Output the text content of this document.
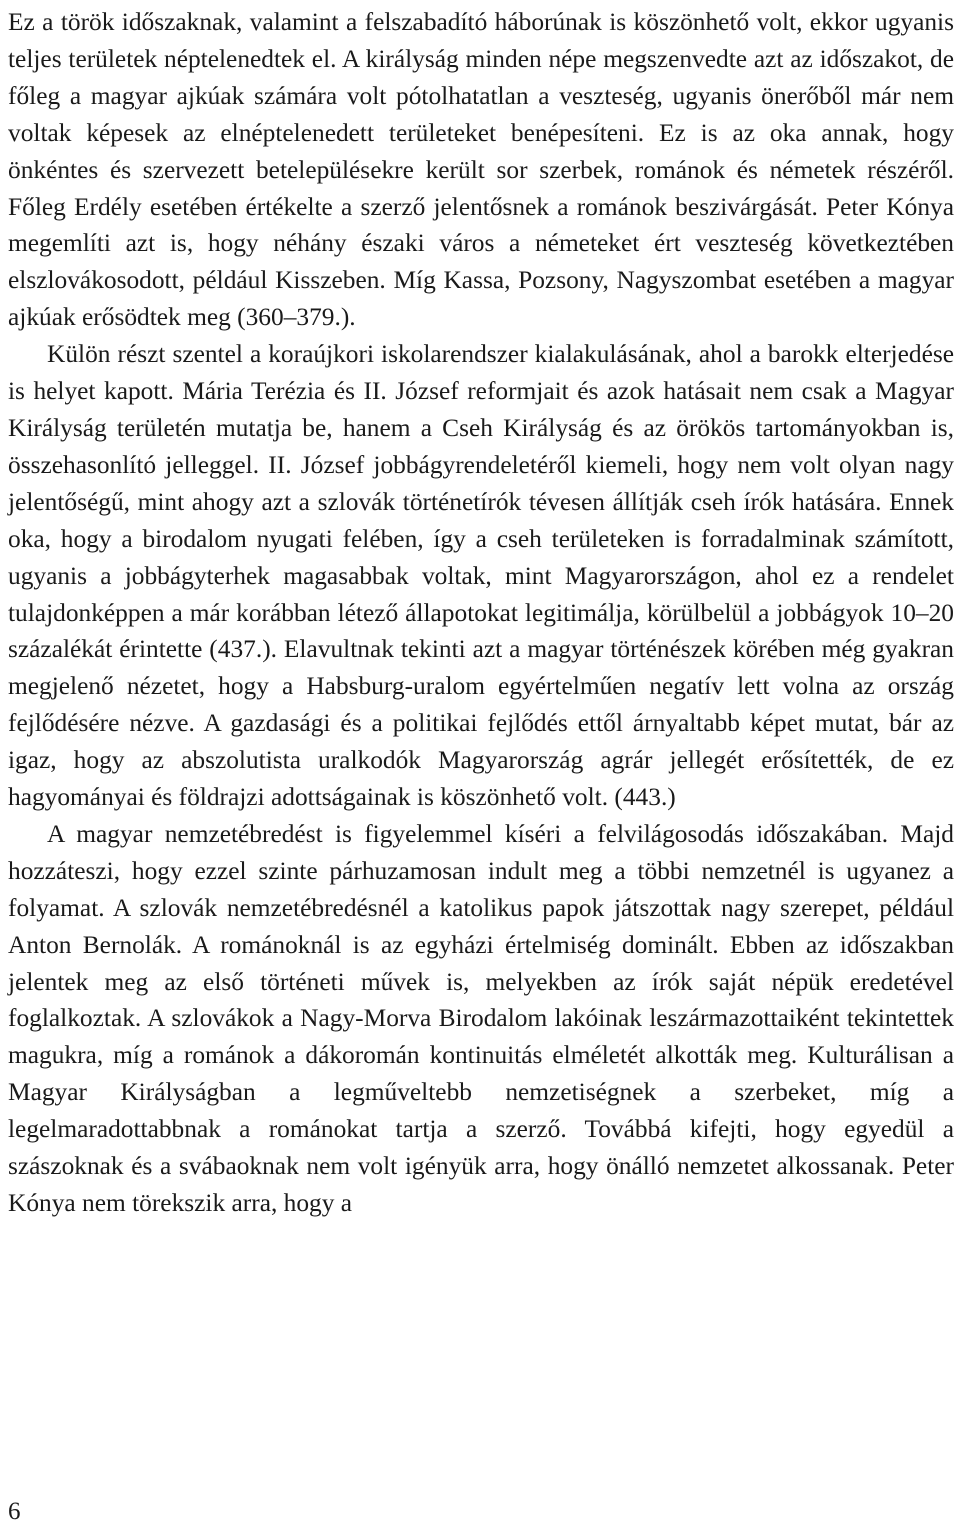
Ez a török időszaknak, valamint a felszabadító háborúnak is köszönhető volt, ekkor ugyanis teljes területek néptelenedtek el. A királyság minden népe megszenvedte azt az időszakot, de főleg a magyar ajkúak számára volt pótolhatatlan a veszteség, ugyanis önerőből már nem voltak képesek az elnéptelenedett területeket benépesíteni. Ez is az oka annak, hogy önkéntes és szervezett betelepülésekre került sor szerbek, románok és németek részéről. Főleg Erdély esetében értékelte a szerző jelentősnek a románok beszivárgását. Peter Kónya megemlíti azt is, hogy néhány északi város a németeket ért veszteség következtében elszlovákosodott, például Kisszeben. Míg Kassa, Pozsony, Nagyszombat esetében a magyar ajkúak erősödtek meg (360–379.).

Külön részt szentel a koraújkori iskolarendszer kialakulásának, ahol a barokk elterjedése is helyet kapott. Mária Terézia és II. József reformjait és azok hatásait nem csak a Magyar Királyság területén mutatja be, hanem a Cseh Királyság és az örökös tartományokban is, összehasonlító jelleggel. II. József jobbágyrendeletéről kiemeli, hogy nem volt olyan nagy jelentőségű, mint ahogy azt a szlovák történetírók tévesen állítják cseh írók hatására. Ennek oka, hogy a birodalom nyugati felében, így a cseh területeken is forradalminak számított, ugyanis a jobbágyterhek magasabbak voltak, mint Magyarországon, ahol ez a rendelet tulajdonképpen a már korábban létező állapotokat legitimálja, körülbelül a jobbágyok 10–20 százalékát érintette (437.). Elavultnak tekinti azt a magyar történészek körében még gyakran megjelenő nézetet, hogy a Habsburg-uralom egyértelműen negatív lett volna az ország fejlődésére nézve. A gazdasági és a politikai fejlődés ettől árnyaltabb képet mutat, bár az igaz, hogy az abszolutista uralkodók Magyarország agrár jellegét erősítették, de ez hagyományai és földrajzi adottságainak is köszönhető volt. (443.)

A magyar nemzetébredést is figyelemmel kíséri a felvilágosodás időszakában. Majd hozzáteszi, hogy ezzel szinte párhuzamosan indult meg a többi nemzetnél is ugyanez a folyamat. A szlovák nemzetébredésnél a katolikus papok játszottak nagy szerepet, például Anton Bernolák. A románoknál is az egyházi értelmiség dominált. Ebben az időszakban jelentek meg az első történeti művek is, melyekben az írók saját népük eredetével foglalkoztak. A szlovákok a Nagy-Morva Birodalom lakóinak leszármazottaiként tekintettek magukra, míg a románok a dákoromán kontinuitás elméletét alkották meg. Kulturálisan a Magyar Királyságban a legműveltebb nemzetiségnek a szerbeket, míg a legelmaradottabbnak a románokat tartja a szerző. Továbbá kifejti, hogy egyedül a szászoknak és a svábaoknak nem volt igényük arra, hogy önálló nemzetet alkossanak. Peter Kónya nem törekszik arra, hogy a

6
